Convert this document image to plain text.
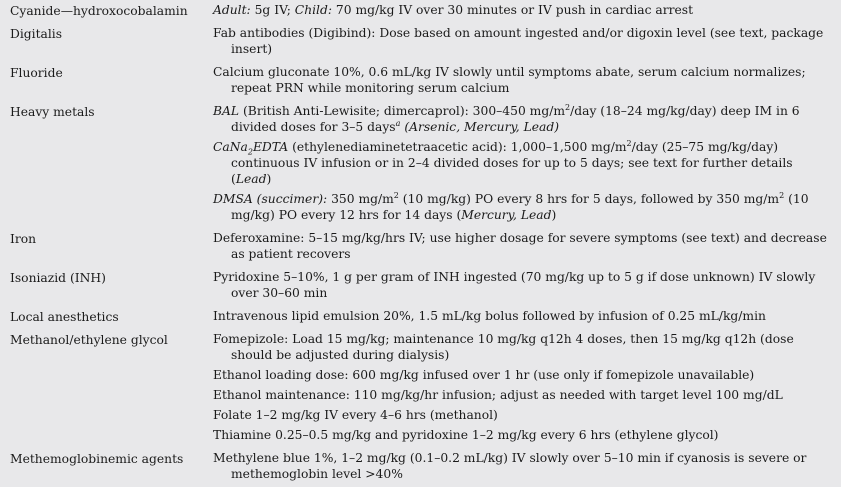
Cyanide—hydroxocobalamin	Adult: 5g IV; Child: 70 mg/kg IV over 30 minutes or IV push in cardiac arrest

Digitalis	Fab antibodies (Digibind): Dose based on amount ingested and/or digoxin level (see text, package insert)

Fluoride	Calcium gluconate 10%, 0.6 mL/kg IV slowly until symptoms abate, serum calcium normalizes; repeat PRN while monitoring serum calcium

Heavy metals	BAL (British Anti-Lewisite; dimercaprol): 300–450 $mg/m^2$/day (18–24 mg/kg/day) deep IM in 6 divided doses for 3–5 days$^a$ (Arsenic, Mercury, Lead)
CaNa$_2$EDTA (ethylenediaminetetraacetic acid): 1,000–1,500 $mg/m^2$/day (25–75 mg/kg/day) continuous IV infusion or in 2–4 divided doses for up to 5 days; see text for further details (Lead)
DMSA (succimer): 350 $mg/m^2$ (10 mg/kg) PO every 8 hrs for 5 days, followed by 350 $mg/m^2$ (10 mg/kg) PO every 12 hrs for 14 days (Mercury, Lead)

Iron	Deferoxamine: 5–15 mg/kg/hrs IV; use higher dosage for severe symptoms (see text) and decrease as patient recovers

Isoniazid (INH)	Pyridoxine 5–10%, 1 g per gram of INH ingested (70 mg/kg up to 5 g if dose unknown) IV slowly over 30–60 min

Local anesthetics	Intravenous lipid emulsion 20%, 1.5 mL/kg bolus followed by infusion of 0.25 mL/kg/min

Methanol/ethylene glycol	Fomepizole: Load 15 mg/kg; maintenance 10 mg/kg q12h 4 doses, then 15 mg/kg q12h (dose should be adjusted during dialysis)
Ethanol loading dose: 600 mg/kg infused over 1 hr (use only if fomepizole unavailable)
Ethanol maintenance: 110 mg/kg/hr infusion; adjust as needed with target level 100 mg/dL
Folate 1–2 mg/kg IV every 4–6 hrs (methanol)
Thiamine 0.25–0.5 mg/kg and pyridoxine 1–2 mg/kg every 6 hrs (ethylene glycol)

Methemoglobinemic agents	Methylene blue 1%, 1–2 mg/kg (0.1–0.2 mL/kg) IV slowly over 5–10 min if cyanosis is severe or methemoglobin level >40%
